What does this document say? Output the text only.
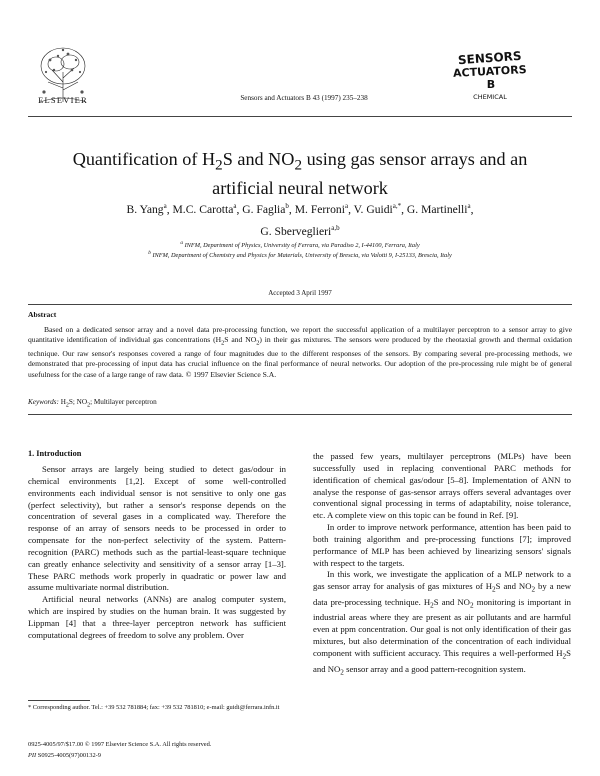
ELSEVIER	Sensors and Actuators B 43 (1997) 235–238
SENSORS
ACTUATORS
B
CHEMICAL
Quantification of $H_2S$ and $NO_2$ using gas sensor arrays and an
artificial neural network
B. Yang$^a$, M.C. Carotta$^a$, G. Faglia$^b$, M. Ferroni$^a$, V. Guidi$^{a,*}$, G. Martinelli$^a$,
G. Sberveglieri$^{a,b}$
$^a$ INFM, Department of Physics, University of Ferrara, via Paradiso 2, I-44100, Ferrara, Italy
$^b$ INFM, Department of Chemistry and Physics for Materials, University of Brescia, via Valotti 9, I-25133, Brescia, Italy
Accepted 3 April 1997
Abstract
Based on a dedicated sensor array and a novel data pre-processing function, we report the successful application of a multilayer perceptron to a sensor array to give quantitative identification of individual gas concentrations ($H_2S$ and $NO_2$) in their gas mixtures. The sensors were produced by the rheotaxial growth and thermal oxidation technique. Our raw sensor's responses covered a range of four magnitudes due to the different responses of the sensors. By comparing several pre-processing methods, we demonstrated that pre-processing of input data has crucial influence on the final performance of neural networks. Our adoption of the pre-processing rule might be of general usefulness for the case of a large range of raw data. © 1997 Elsevier Science S.A.
Keywords: $H_2S$; $NO_2$; Multilayer perceptron
1. Introduction

Sensor arrays are largely being studied to detect gas/odour in chemical environments [1,2]. Except of some well-controlled environments each individual sensor is not sensitive to only one gas (perfect selectivity), but rather a sensor's response depends on the concentration of several gases in a complicated way. Therefore the response of an array of sensors needs to be processed in order to compensate for the non-perfect selectivity of the system. Pattern-recognition (PARC) methods such as the partial-least-square technique can greatly enhance selectivity and sensitivity of a sensor array [1–3]. These PARC methods work properly in quadratic or power law and assume multivariate normal distribution.

Artificial neural networks (ANNs) are analog computer system, which are inspired by studies on the human brain. It was suggested by Lippman [4] that a three-layer perceptron network has sufficient computational degrees of freedom to solve any problem. Over

the passed few years, multilayer perceptrons (MLPs) have been successfully used in replacing conventional PARC methods for identification of chemical gas/odour [5–8]. Implementation of ANN to analyse the response of gas-sensor arrays offers several advantages over conventional signal processing in terms of adaptability, noise tolerance, etc. A complete view on this topic can be found in Ref. [9].

In order to improve network performance, attention has been paid to both training algorithm and pre-processing functions [7]; improved performance of MLP has been achieved by linearizing sensors' signals with respect to the targets.

In this work, we investigate the application of a MLP network to a gas sensor array for analysis of gas mixtures of $H_2S$ and $NO_2$ by a new data pre-processing technique. $H_2S$ and $NO_2$ monitoring is important in industrial areas where they are present as air pollutants and are harmful even at ppm concentration. Our goal is not only identification of their gas mixtures, but also determination of the concentration of each individual component with sufficient accuracy. This requires a well-performed $H_2S$ and $NO_2$ sensor array and a good pattern-recognition system.

* Corresponding author. Tel.: +39 532 781884; fax: +39 532 781810; e-mail: guidi@ferrara.infn.it
0925-4005/97/$17.00 © 1997 Elsevier Science S.A. All rights reserved.
PII S0925-4005(97)00132-9
